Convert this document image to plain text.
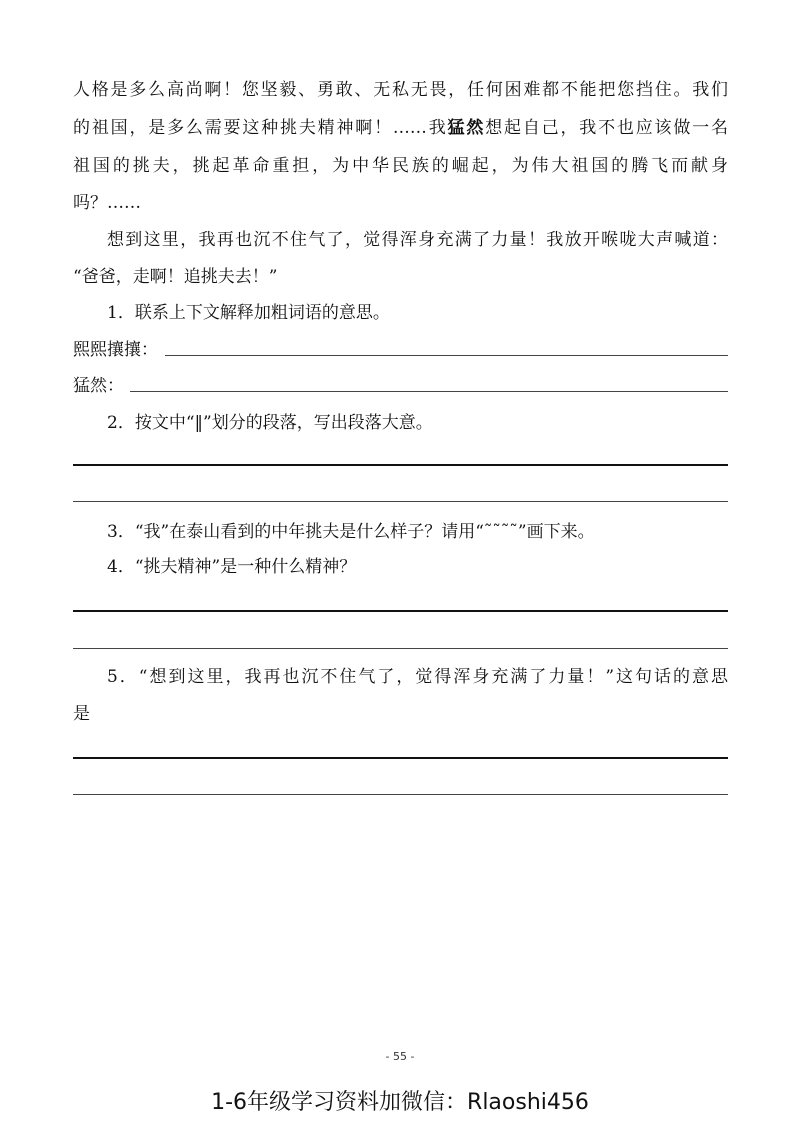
人格是多么高尚啊！您坚毅、勇敢、无私无畏，任何困难都不能把您挡住。我们
的祖国，是多么需要这种挑夫精神啊！……我猛然想起自己，我不也应该做一名
祖国的挑夫，挑起革命重担，为中华民族的崛起，为伟大祖国的腾飞而献身
吗？……
想到这里，我再也沉不住气了，觉得浑身充满了力量！我放开喉咙大声喊道：
“爸爸，走啊！追挑夫去！”
1．联系上下文解释加粗词语的意思。
熙熙攘攘：
猛然：
2．按文中“‖”划分的段落，写出段落大意。
3．“我”在泰山看到的中年挑夫是什么样子？请用“˜˜˜˜”画下来。
4．“挑夫精神”是一种什么精神？
5．“想到这里，我再也沉不住气了，觉得浑身充满了力量！”这句话的意思
是
- 55 -
1-6年级学习资料加微信：Rlaoshi456
